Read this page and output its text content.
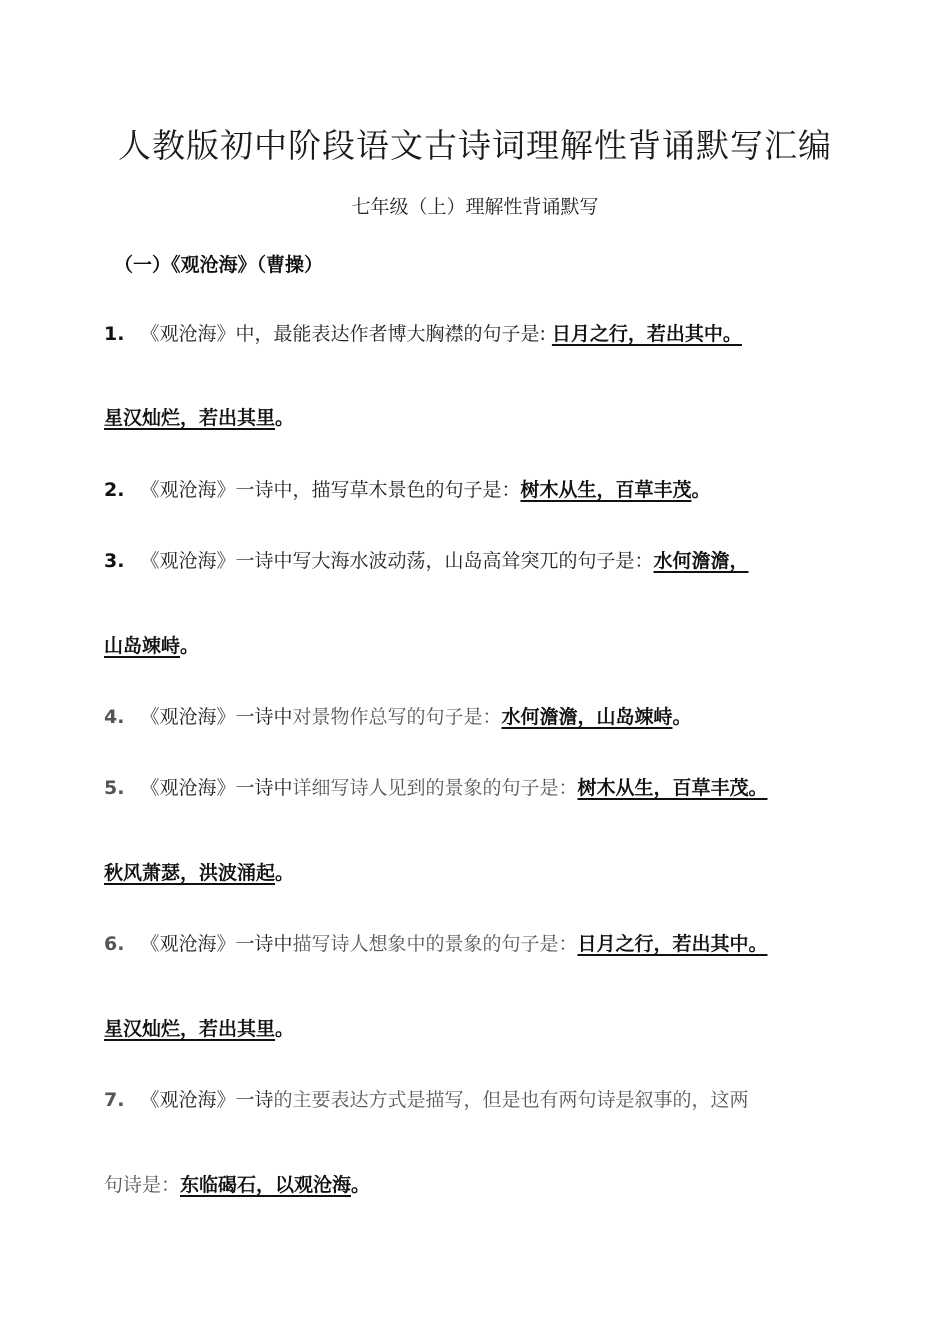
人教版初中阶段语文古诗词理解性背诵默写汇编
七年级（上）理解性背诵默写
（一）《观沧海》（曹操）
1. 《观沧海》中，最能表达作者博大胸襟的句子是: 日月之行，若出其中。
星汉灿烂，若出其里。
2. 《观沧海》一诗中，描写草木景色的句子是：树木从生，百草丰茂。
3. 《观沧海》一诗中写大海水波动荡，山岛高耸突兀的句子是：水何澹澹，
山岛竦峙。
4. 《观沧海》一诗中对景物作总写的句子是：水何澹澹，山岛竦峙。
5. 《观沧海》一诗中详细写诗人见到的景象的句子是：树木从生，百草丰茂。
秋风萧瑟，洪波涌起。
6. 《观沧海》一诗中描写诗人想象中的景象的句子是：日月之行，若出其中。
星汉灿烂，若出其里。
7. 《观沧海》一诗的主要表达方式是描写，但是也有两句诗是叙事的，这两
句诗是：东临碣石，以观沧海。
